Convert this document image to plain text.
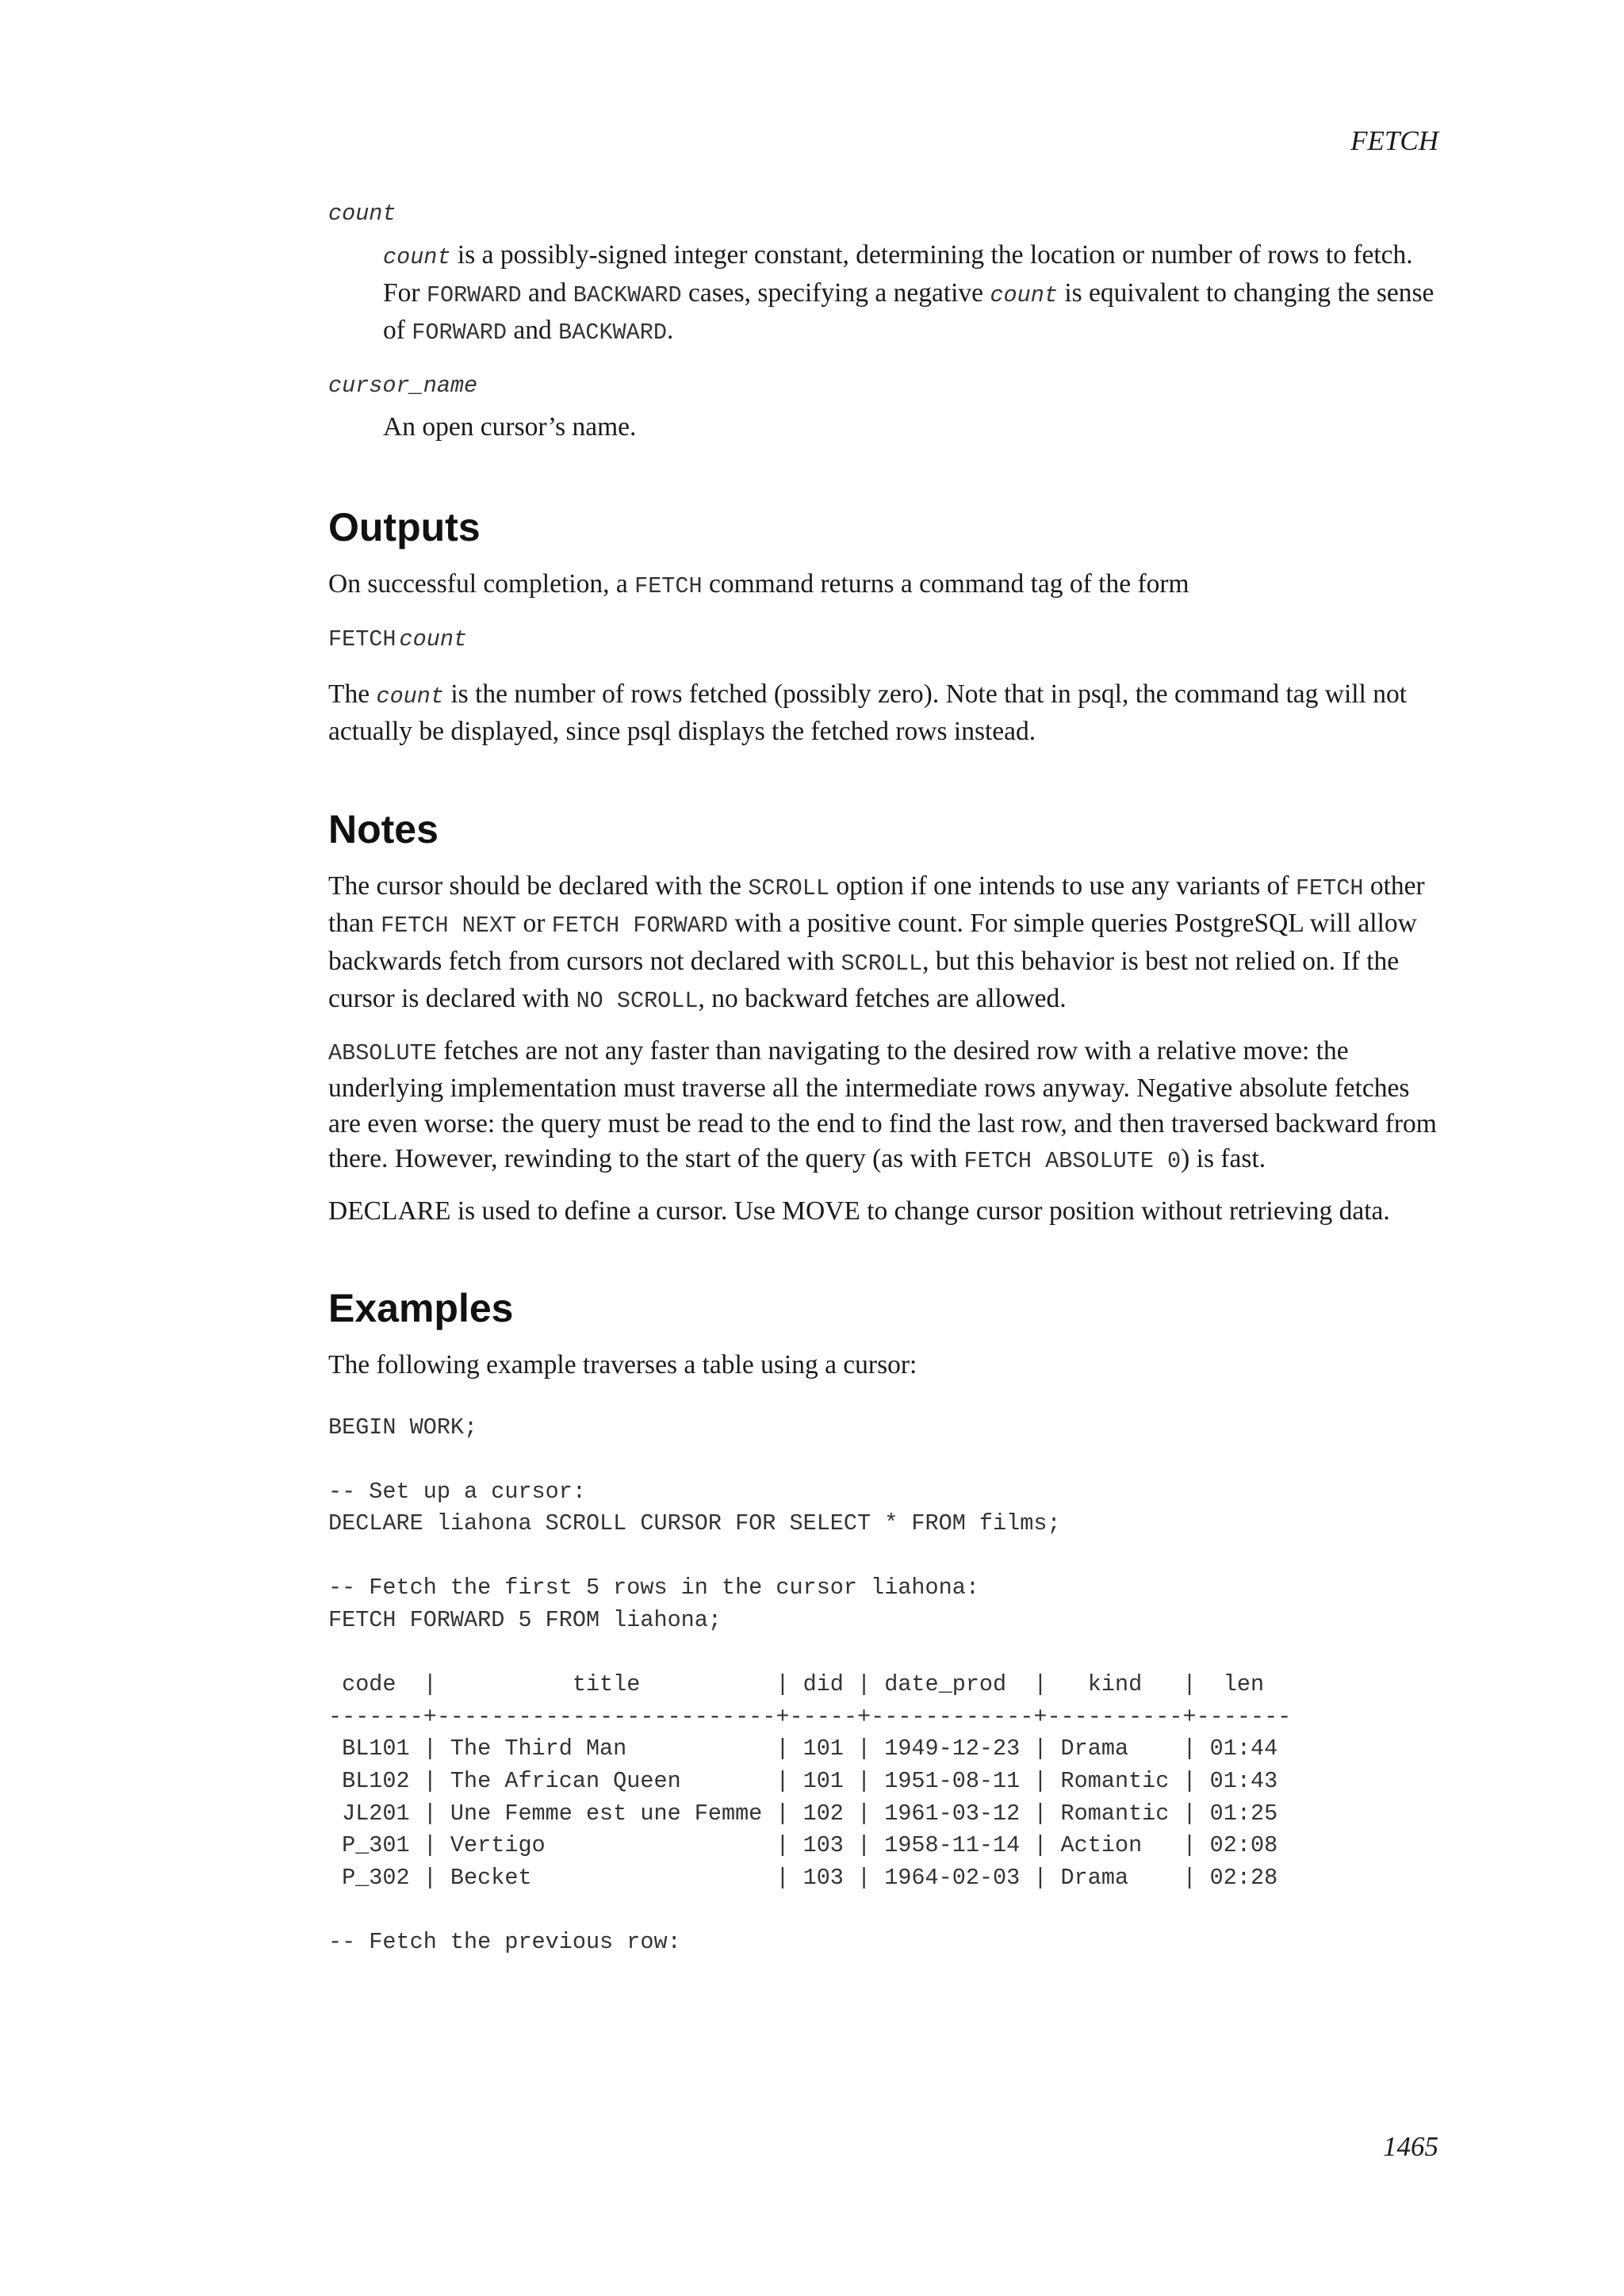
FETCH
count
count is a possibly-signed integer constant, determining the location or number of rows to fetch. For FORWARD and BACKWARD cases, specifying a negative count is equivalent to changing the sense of FORWARD and BACKWARD.
cursor_name
An open cursor’s name.
Outputs

On successful completion, a FETCH command returns a command tag of the form

FETCH count

The count is the number of rows fetched (possibly zero). Note that in psql, the command tag will not actually be displayed, since psql displays the fetched rows instead.

Notes

The cursor should be declared with the SCROLL option if one intends to use any variants of FETCH other than FETCH NEXT or FETCH FORWARD with a positive count. For simple queries PostgreSQL will allow backwards fetch from cursors not declared with SCROLL, but this behavior is best not relied on. If the cursor is declared with NO SCROLL, no backward fetches are allowed.

ABSOLUTE fetches are not any faster than navigating to the desired row with a relative move: the underlying implementation must traverse all the intermediate rows anyway. Negative absolute fetches are even worse: the query must be read to the end to find the last row, and then traversed backward from there. However, rewinding to the start of the query (as with FETCH ABSOLUTE 0) is fast.

DECLARE is used to define a cursor. Use MOVE to change cursor position without retrieving data.

Examples

The following example traverses a table using a cursor:

BEGIN WORK;

-- Set up a cursor:
DECLARE liahona SCROLL CURSOR FOR SELECT * FROM films;

-- Fetch the first 5 rows in the cursor liahona:
FETCH FORWARD 5 FROM liahona;

code  |          title          | did | date_prod  |   kind   |  len
-------+-------------------------+-----+------------+----------+-------
BL101 | The Third Man           | 101 | 1949-12-23 | Drama    | 01:44
BL102 | The African Queen       | 101 | 1951-08-11 | Romantic | 01:43
JL201 | Une Femme est une Femme | 102 | 1961-03-12 | Romantic | 01:25
P_301 | Vertigo                 | 103 | 1958-11-14 | Action   | 02:08
P_302 | Becket                  | 103 | 1964-02-03 | Drama    | 02:28

-- Fetch the previous row:
1465
